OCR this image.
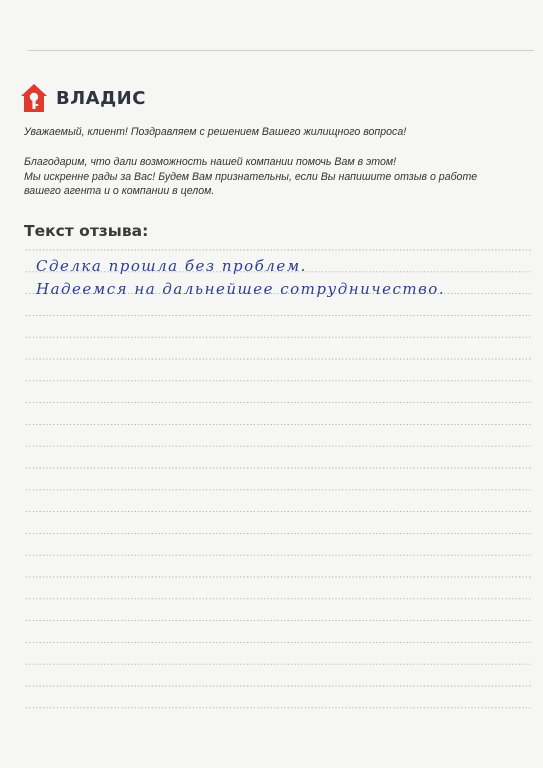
ВЛАДИС

Уважаемый, клиент! Поздравляем с решением Вашего жилищного вопроса!

Благодарим, что дали возможность нашей компании помочь Вам в этом!
Мы искренне рады за Вас! Будем Вам признательны, если Вы напишите отзыв о работе
вашего агента и о компании в целом.

Текст отзыва:
Сделка прошла без проблем.
Надеемся на дальнейшее сотрудничество.
